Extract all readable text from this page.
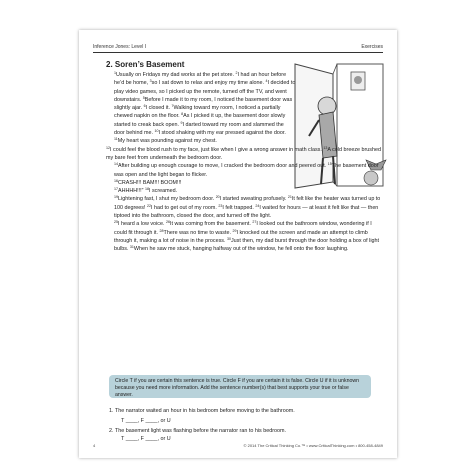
Inference Jones: Level I	Exercises
2. Soren’s Basement

$^1$Usually on Fridays my dad works at the pet store. $^2$I had an hour before he’d be home, $^3$so I sat down to relax and enjoy my time alone. $^4$I decided to play video games, so I picked up the remote, turned off the TV, and went downstairs. $^5$Before I made it to my room, I noticed the basement door was slightly ajar. $^6$I closed it. $^7$Walking toward my room, I noticed a partially chewed napkin on the floor. $^8$As I picked it up, the basement door slowly started to creak back open. $^9$I darted toward my room and slammed the door behind me. $^{10}$I stood shaking with my ear pressed against the door. $^{11}$My heart was pounding against my chest.

$^{12}$I could feel the blood rush to my face, just like when I give a wrong answer in math class. $^{13}$A cold breeze brushed my bare feet from underneath the bedroom door.

$^{14}$After building up enough courage to move, I cracked the bedroom door and peered out. $^{15}$The basement door was open and the light began to flicker.

$^{16}$CRASH!!! BAM!!! BOOM!!!

$^{17}$AHHHH!!!” $^{18}$I screamed.

$^{19}$Lightening fast, I shut my bedroom door. $^{20}$I started sweating profusely. $^{21}$It felt like the heater was turned up to 100 degrees! $^{22}$I had to get out of my room. $^{23}$I felt trapped. $^{24}$I waited for hours — at least it felt like that — then tiptoed into the bathroom, closed the door, and turned off the light.

$^{25}$I heard a low voice. $^{26}$It was coming from the basement. $^{27}$I looked out the bathroom window, wondering if I could fit through it. $^{28}$There was no time to waste. $^{29}$I knocked out the screen and made an attempt to climb through it, making a lot of noise in the process. $^{30}$Just then, my dad burst through the door holding a box of light bulbs. $^{31}$When he saw me stuck, hanging halfway out of the window, he fell onto the floor laughing.

Circle T if you are certain this sentence is true. Circle F if you are certain it is false. Circle U if it is unknown because you need more information. Add the sentence number(s) that best supports your true or false answer.
1. The narrator waited an hour in his bedroom before moving to the bathroom.
T ____, F ____, or U
2. The basement light was flashing before the narrator ran to his bedroom.
T ____, F ____, or U
4	© 2014 The Critical Thinking Co.™ • www.CriticalThinking.com • 800-458-4849
